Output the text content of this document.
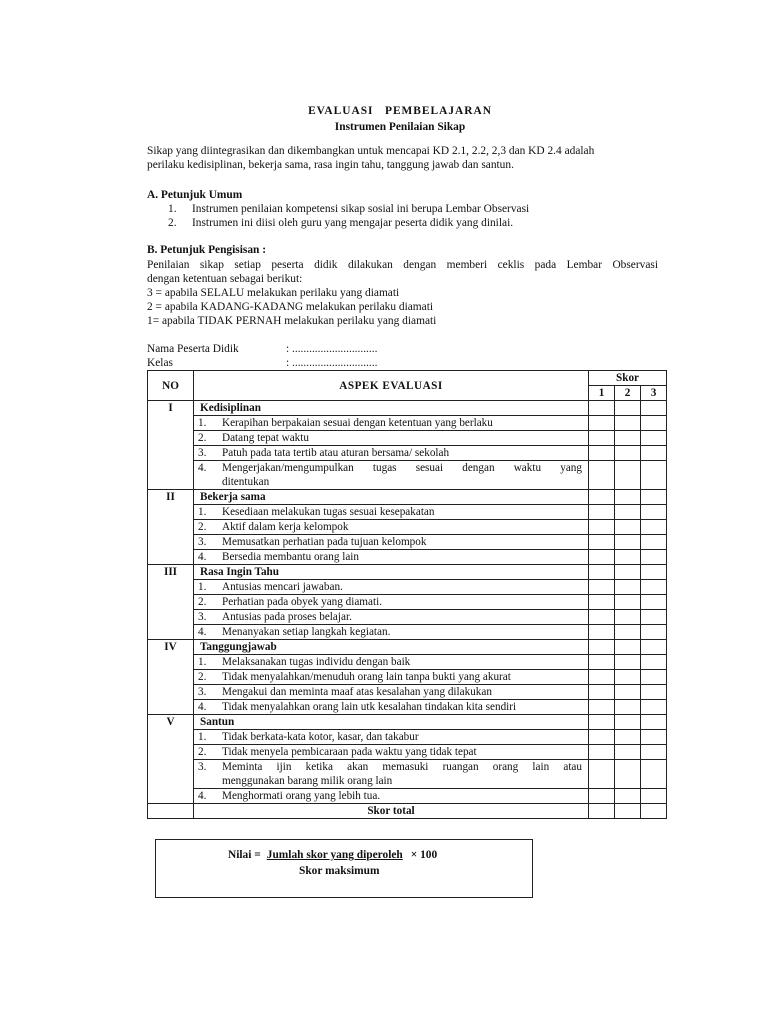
EVALUASI   PEMBELAJARAN
Instrumen Penilaian Sikap
Sikap yang diintegrasikan dan dikembangkan untuk mencapai KD 2.1, 2.2, 2,3 dan KD 2.4 adalah
perilaku kedisiplinan, bekerja sama, rasa ingin tahu, tanggung jawab dan santun.
A. Petunjuk Umum
1. Instrumen penilaian kompetensi sikap sosial ini berupa Lembar Observasi
2. Instrumen ini diisi oleh guru yang mengajar peserta didik yang dinilai.
B. Petunjuk Pengisisan :
Penilaian sikap setiap peserta didik dilakukan dengan memberi ceklis pada Lembar Observasi
dengan ketentuan sebagai berikut:
3 = apabila SELALU melakukan perilaku yang diamati
2 = apabila KADANG-KADANG melakukan perilaku diamati
1= apabila TIDAK PERNAH melakukan perilaku yang diamati
Nama Peserta Didik	: ..............................
Kelas	: ..............................
NO	ASPEK EVALUASI	Skor		
		1	2	3
I	Kedisiplinan			
	1. Kerapihan berpakaian sesuai dengan ketentuan yang berlaku			
	2. Datang tepat waktu			
	3. Patuh pada tata tertib atau aturan bersama/ sekolah			
	4. Mengerjakan/mengumpulkan tugas sesuai dengan waktu yang
ditentukan			
II	Bekerja sama			
	1. Kesediaan melakukan tugas sesuai kesepakatan			
	2. Aktif dalam kerja kelompok			
	3. Memusatkan perhatian pada tujuan kelompok			
	4. Bersedia membantu orang lain			
III	Rasa Ingin Tahu			
	1. Antusias mencari jawaban.			
	2. Perhatian pada obyek yang diamati.			
	3. Antusias pada proses belajar.			
	4. Menanyakan setiap langkah kegiatan.			
IV	Tanggungjawab			
	1. Melaksanakan tugas individu dengan baik			
	2. Tidak menyalahkan/menuduh orang lain tanpa bukti yang akurat			
	3. Mengakui dan meminta maaf atas kesalahan yang dilakukan			
	4. Tidak menyalahkan orang lain utk kesalahan tindakan kita sendiri			
V	Santun			
	1. Tidak berkata-kata kotor, kasar, dan takabur			
	2. Tidak menyela pembicaraan pada waktu yang tidak tepat			
	3. Meminta ijin ketika akan memasuki ruangan orang lain atau
menggunakan barang milik orang lain			
	4. Menghormati orang yang lebih tua.			
	Skor total			
Nilai = Jumlah skor yang diperoleh × 100
Skor maksimum
